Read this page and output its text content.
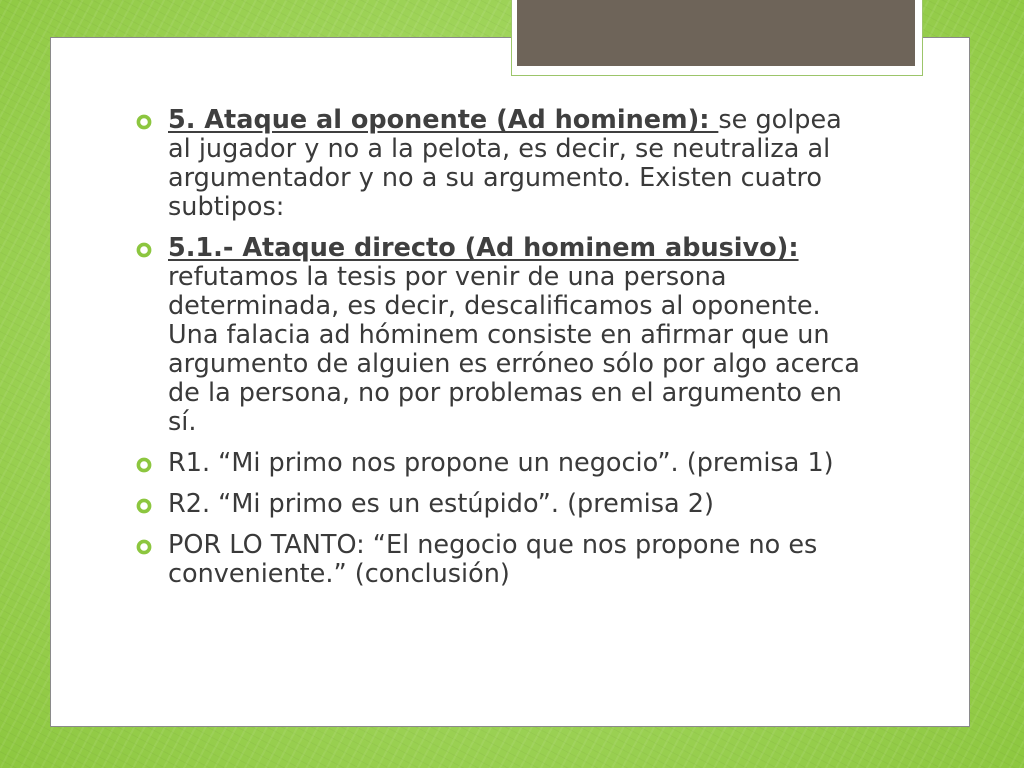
5. Ataque al oponente (Ad hominem): se golpea al jugador y no a la pelota, es decir, se neutraliza al argumentador y no a su argumento. Existen cuatro subtipos:
5.1.- Ataque directo (Ad hominem abusivo): refutamos la tesis por venir de una persona determinada, es decir, descalificamos al oponente. Una falacia ad hóminem consiste en afirmar que un argumento de alguien es erróneo sólo por algo acerca de la persona, no por problemas en el argumento en sí.
R1. “Mi primo nos propone un negocio”. (premisa 1)
R2. “Mi primo es un estúpido”. (premisa 2)
POR LO TANTO: “El negocio que nos propone no es conveniente.” (conclusión)
